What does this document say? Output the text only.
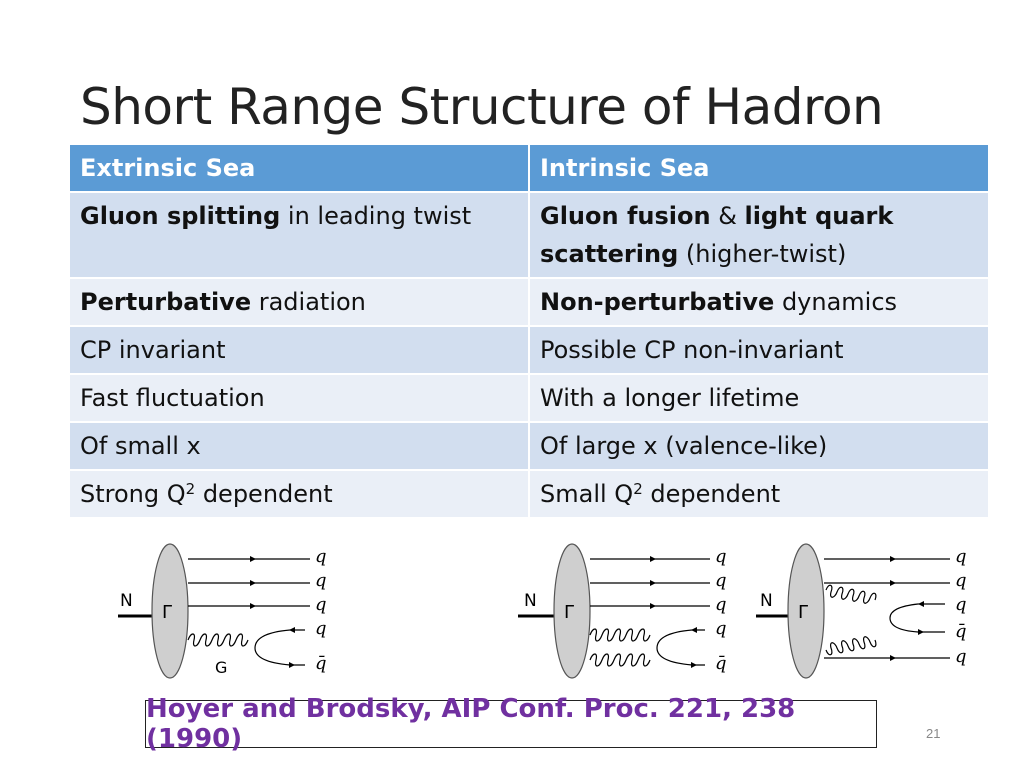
Short Range Structure of Hadron
Extrinsic Sea	Intrinsic Sea
Gluon splitting in leading twist	Gluon fusion & light quark scattering (higher-twist)
Perturbative radiation	Non-perturbative dynamics
CP invariant	Possible CP non-invariant
Fast fluctuation	With a longer lifetime
Of small x	Of large x (valence-like)
Strong $Q^2$ dependent	Small $Q^2$ dependent
N
Γ
G
q
q
q
q
q̄
N
Γ
q
q
q
q
q̄
N
Γ
q
q
q
q̄
q
Hoyer and Brodsky, AIP Conf. Proc. 221, 238 (1990)	21
